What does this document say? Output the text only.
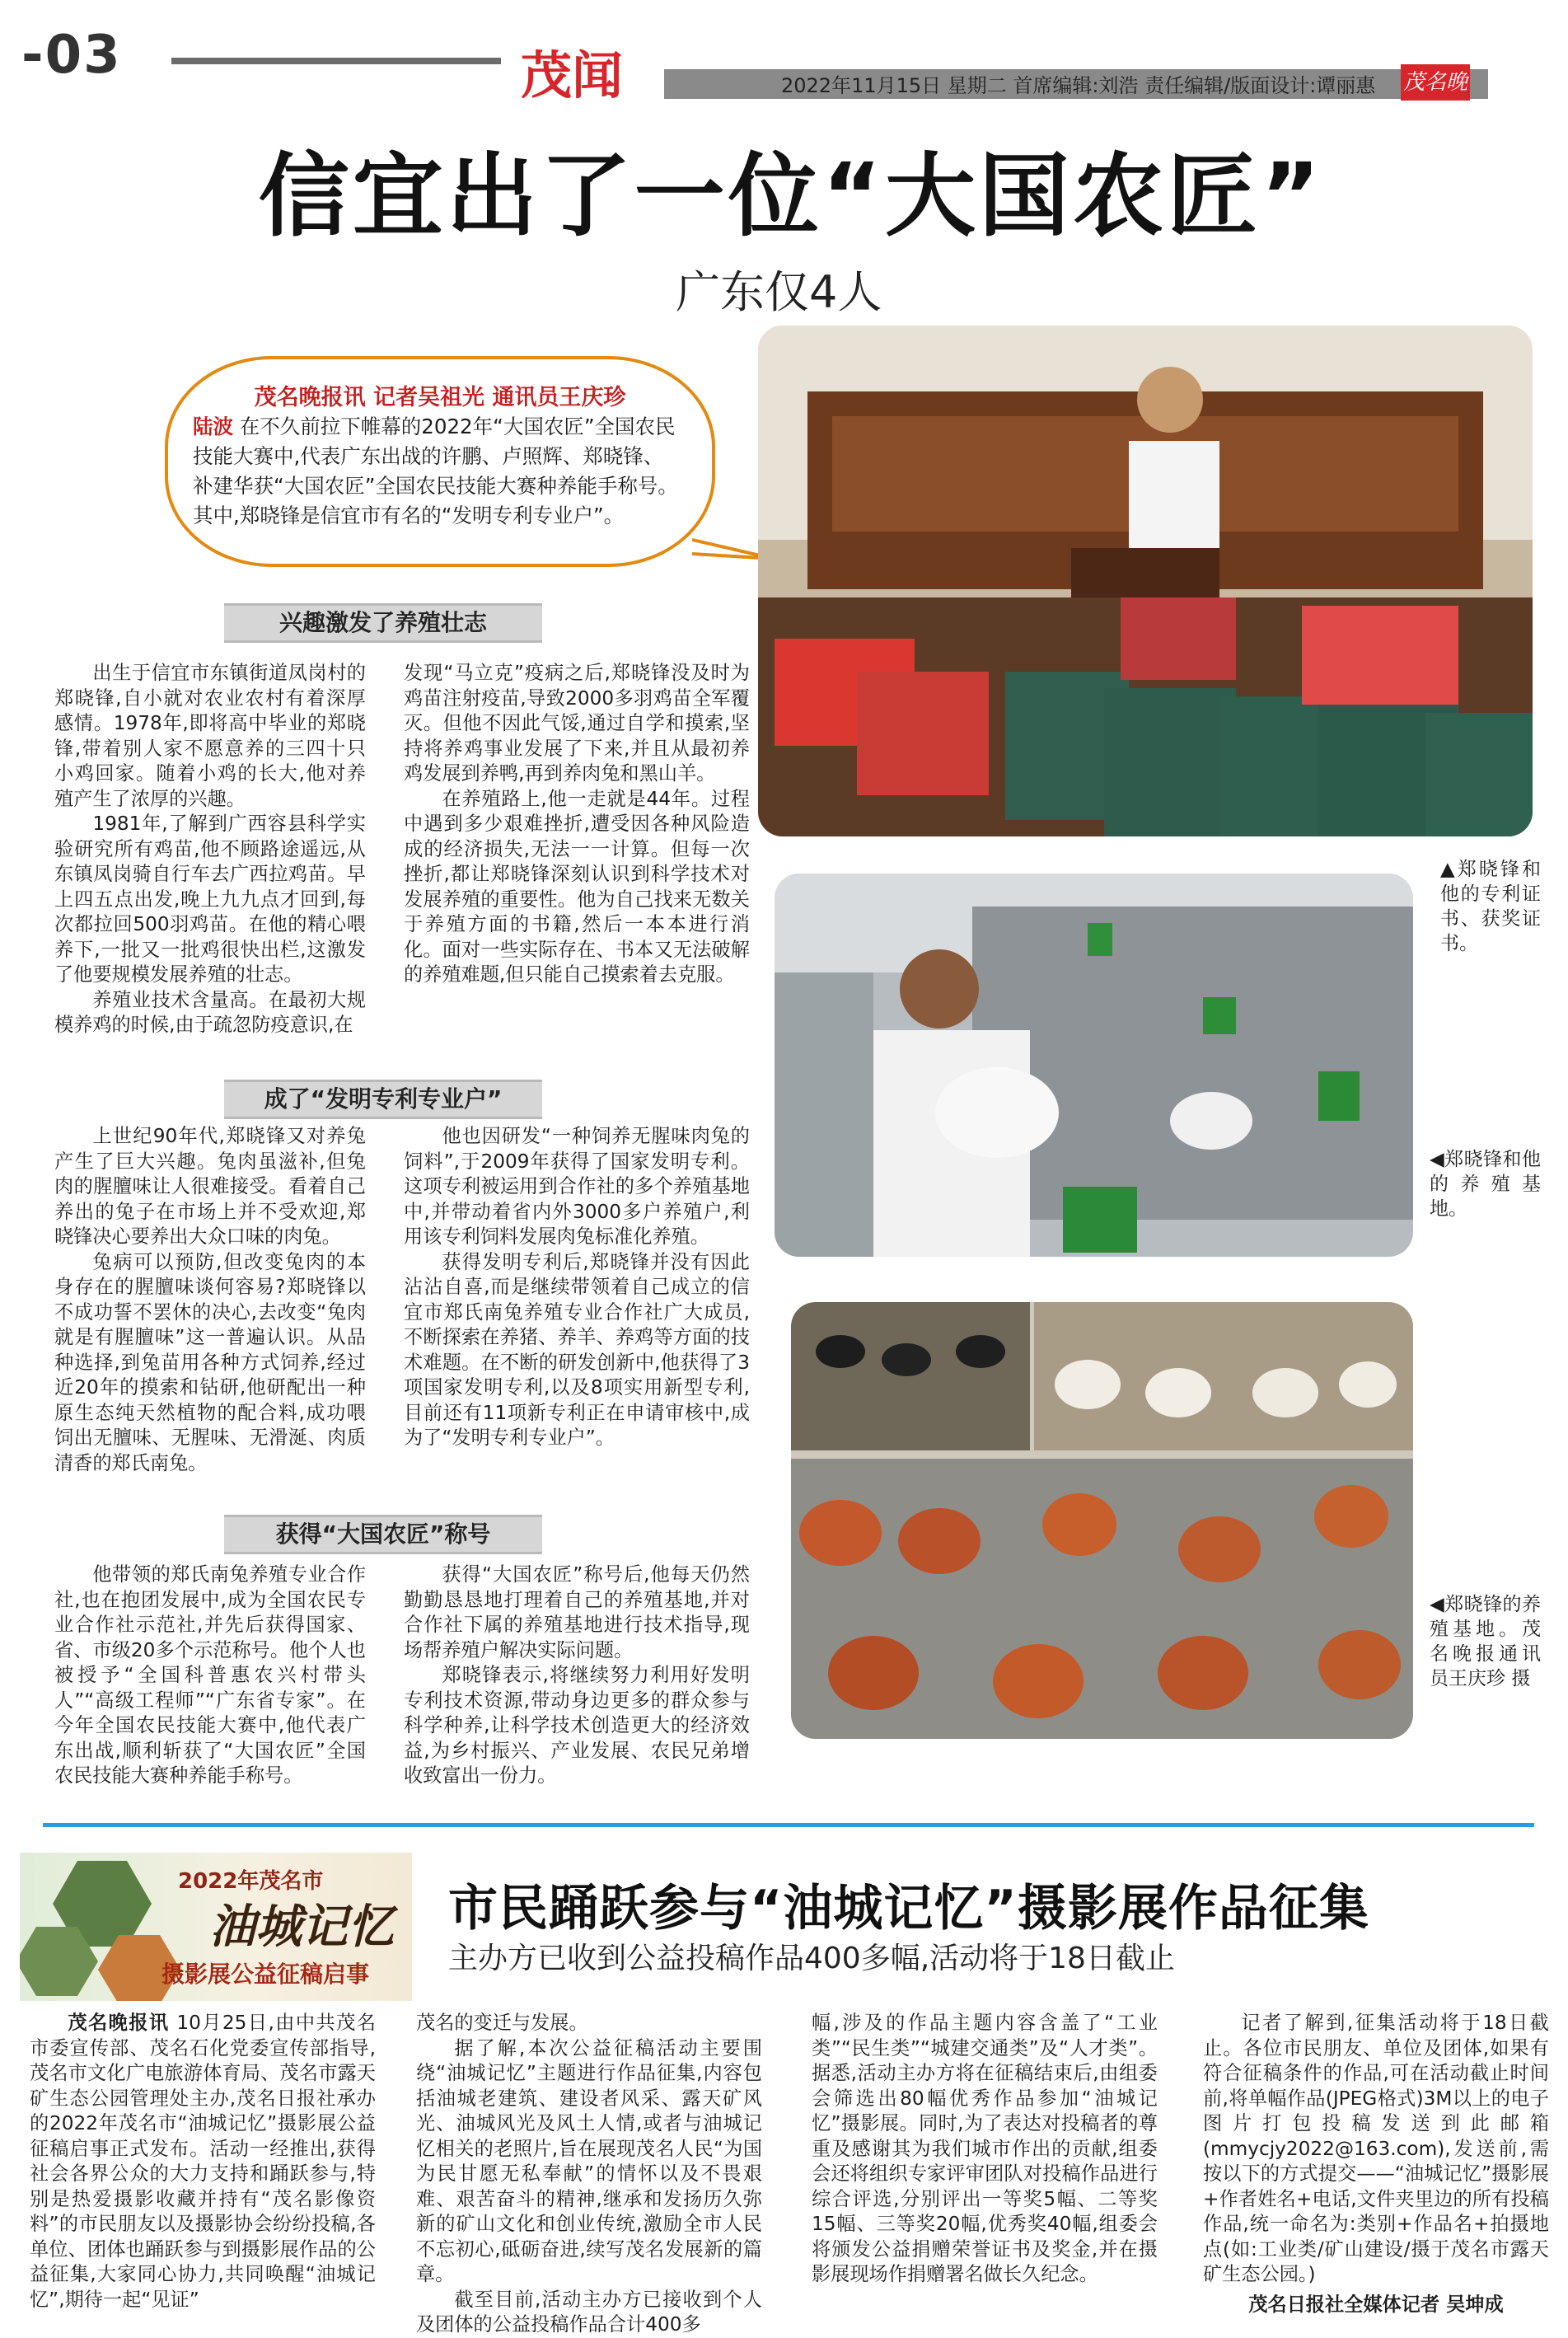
-03	茂闻	2022年11月15日 星期二 首席编辑:刘浩 责任编辑/版面设计:谭丽惠 茂名晚报
信宜出了一位“大国农匠”
广东仅4人
茂名晚报讯 记者吴祖光 通讯员王庆珍
陆波 在不久前拉下帷幕的2022年“大国农匠”全国农民技能大赛中,代表广东出战的许鹏、卢照辉、郑晓锋、补建华获“大国农匠”全国农民技能大赛种养能手称号。其中,郑晓锋是信宜市有名的“发明专利专业户”。
▲郑晓锋和他的专利证书、获奖证书。
◀郑晓锋和他的养殖基地。
◀郑晓锋的养殖基地。茂名晚报通讯员王庆珍 摄
兴趣激发了养殖壮志

出生于信宜市东镇街道凤岗村的郑晓锋,自小就对农业农村有着深厚感情。1978年,即将高中毕业的郑晓锋,带着别人家不愿意养的三四十只小鸡回家。随着小鸡的长大,他对养殖产生了浓厚的兴趣。

1981年,了解到广西容县科学实验研究所有鸡苗,他不顾路途遥远,从东镇凤岗骑自行车去广西拉鸡苗。早上四五点出发,晚上九九点才回到,每次都拉回500羽鸡苗。在他的精心喂养下,一批又一批鸡很快出栏,这激发了他要规模发展养殖的壮志。

养殖业技术含量高。在最初大规模养鸡的时候,由于疏忽防疫意识,在

发现“马立克”疫病之后,郑晓锋没及时为鸡苗注射疫苗,导致2000多羽鸡苗全军覆灭。但他不因此气馁,通过自学和摸索,坚持将养鸡事业发展了下来,并且从最初养鸡发展到养鸭,再到养肉兔和黑山羊。

在养殖路上,他一走就是44年。过程中遇到多少艰难挫折,遭受因各种风险造成的经济损失,无法一一计算。但每一次挫折,都让郑晓锋深刻认识到科学技术对发展养殖的重要性。他为自己找来无数关于养殖方面的书籍,然后一本本进行消化。面对一些实际存在、书本又无法破解的养殖难题,但只能自己摸索着去克服。

成了“发明专利专业户”

上世纪90年代,郑晓锋又对养兔产生了巨大兴趣。兔肉虽滋补,但兔肉的腥膻味让人很难接受。看着自己养出的兔子在市场上并不受欢迎,郑晓锋决心要养出大众口味的肉兔。

兔病可以预防,但改变兔肉的本身存在的腥膻味谈何容易?郑晓锋以不成功誓不罢休的决心,去改变“兔肉就是有腥膻味”这一普遍认识。从品种选择,到兔苗用各种方式饲养,经过近20年的摸索和钻研,他研配出一种原生态纯天然植物的配合料,成功喂饲出无膻味、无腥味、无滑涎、肉质清香的郑氏南兔。

他也因研发“一种饲养无腥味肉兔的饲料”,于2009年获得了国家发明专利。这项专利被运用到合作社的多个养殖基地中,并带动着省内外3000多户养殖户,利用该专利饲料发展肉兔标准化养殖。

获得发明专利后,郑晓锋并没有因此沾沾自喜,而是继续带领着自己成立的信宜市郑氏南兔养殖专业合作社广大成员,不断探索在养猪、养羊、养鸡等方面的技术难题。在不断的研发创新中,他获得了3项国家发明专利,以及8项实用新型专利,目前还有11项新专利正在申请审核中,成为了“发明专利专业户”。

获得“大国农匠”称号

他带领的郑氏南兔养殖专业合作社,也在抱团发展中,成为全国农民专业合作社示范社,并先后获得国家、省、市级20多个示范称号。他个人也被授予“全国科普惠农兴村带头人”“高级工程师”“广东省专家”。在今年全国农民技能大赛中,他代表广东出战,顺利斩获了“大国农匠”全国农民技能大赛种养能手称号。

获得“大国农匠”称号后,他每天仍然勤勤恳恳地打理着自己的养殖基地,并对合作社下属的养殖基地进行技术指导,现场帮养殖户解决实际问题。

郑晓锋表示,将继续努力利用好发明专利技术资源,带动身边更多的群众参与科学种养,让科学技术创造更大的经济效益,为乡村振兴、产业发展、农民兄弟增收致富出一份力。

2022年茂名市
油城记忆
摄影展公益征稿启事
市民踊跃参与“油城记忆”摄影展作品征集
主办方已收到公益投稿作品400多幅,活动将于18日截止

茂名晚报讯 10月25日,由中共茂名市委宣传部、茂名石化党委宣传部指导,茂名市文化广电旅游体育局、茂名市露天矿生态公园管理处主办,茂名日报社承办的2022年茂名市“油城记忆”摄影展公益征稿启事正式发布。活动一经推出,获得社会各界公众的大力支持和踊跃参与,特别是热爱摄影收藏并持有“茂名影像资料”的市民朋友以及摄影协会纷纷投稿,各单位、团体也踊跃参与到摄影展作品的公益征集,大家同心协力,共同唤醒“油城记忆”,期待一起“见证”

茂名的变迁与发展。

据了解,本次公益征稿活动主要围绕“油城记忆”主题进行作品征集,内容包括油城老建筑、建设者风采、露天矿风光、油城风光及风土人情,或者与油城记忆相关的老照片,旨在展现茂名人民“为国为民甘愿无私奉献”的情怀以及不畏艰难、艰苦奋斗的精神,继承和发扬历久弥新的矿山文化和创业传统,激励全市人民不忘初心,砥砺奋进,续写茂名发展新的篇章。

截至目前,活动主办方已接收到个人及团体的公益投稿作品合计400多

幅,涉及的作品主题内容含盖了“工业类”“民生类”“城建交通类”及“人才类”。据悉,活动主办方将在征稿结束后,由组委会筛选出80幅优秀作品参加“油城记忆”摄影展。同时,为了表达对投稿者的尊重及感谢其为我们城市作出的贡献,组委会还将组织专家评审团队对投稿作品进行综合评选,分别评出一等奖5幅、二等奖15幅、三等奖20幅,优秀奖40幅,组委会将颁发公益捐赠荣誉证书及奖金,并在摄影展现场作捐赠署名做长久纪念。

记者了解到,征集活动将于18日截止。各位市民朋友、单位及团体,如果有符合征稿条件的作品,可在活动截止时间前,将单幅作品(JPEG格式)3M以上的电子图片打包投稿发送到此邮箱(mmycjy2022@163.com),发送前,需按以下的方式提交——“油城记忆”摄影展+作者姓名+电话,文件夹里边的所有投稿作品,统一命名为:类别+作品名+拍摄地点(如:工业类/矿山建设/摄于茂名市露天矿生态公园。)

茂名日报社全媒体记者 吴坤成
